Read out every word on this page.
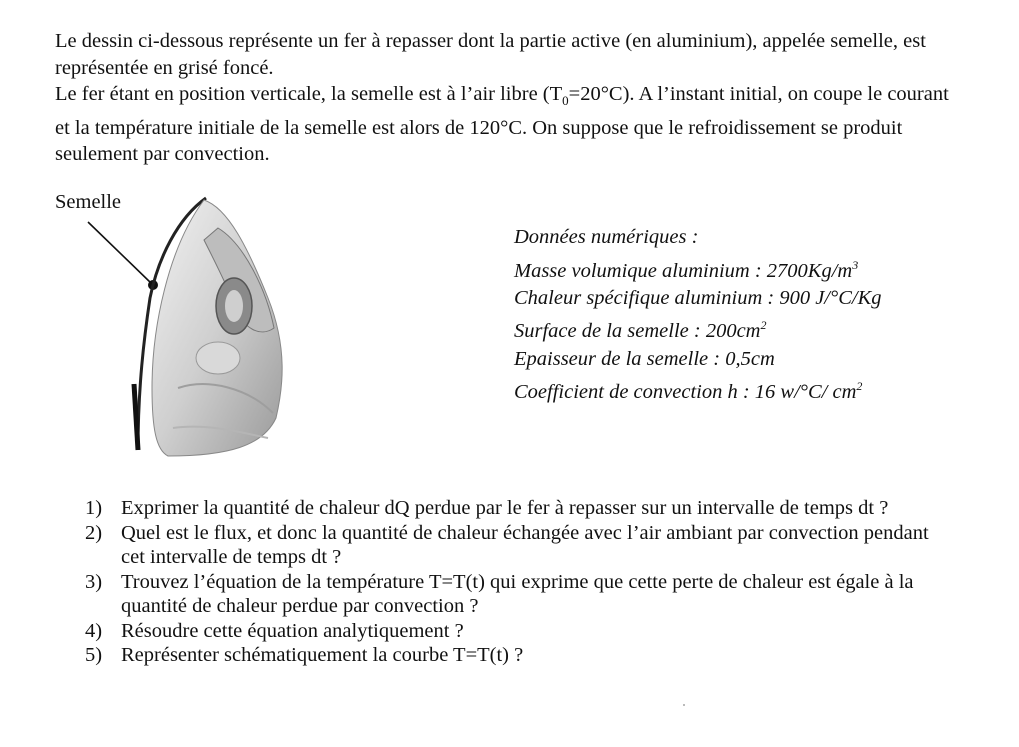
Le dessin ci-dessous représente un fer à repasser dont la partie active (en aluminium), appelée semelle, est représentée en grisé foncé.

Le fer étant en position verticale, la semelle est à l’air libre $(T_0=20^\circ C)$. A l’instant initial, on coupe le courant et la température initiale de la semelle est alors de 120°C. On suppose que le refroidissement se produit seulement par convection.

Semelle
Données numériques :
Masse volumique aluminium : $2700Kg/m^3$
Chaleur spécifique aluminium : 900 J/°C/Kg
Surface de la semelle : $200cm^2$
Epaisseur de la semelle : 0,5cm
Coefficient de convection h : 16 w/°C/ $cm^2$
1) Exprimer la quantité de chaleur dQ perdue par le fer à repasser sur un intervalle de temps dt ?
2) Quel est le flux, et donc la quantité de chaleur échangée avec l’air ambiant par convection pendant cet intervalle de temps dt ?
3) Trouvez l’équation de la température T=T(t) qui exprime que cette perte de chaleur est égale à la quantité de chaleur perdue par convection ?
4) Résoudre cette équation analytiquement ?
5) Représenter schématiquement la courbe T=T(t) ?
